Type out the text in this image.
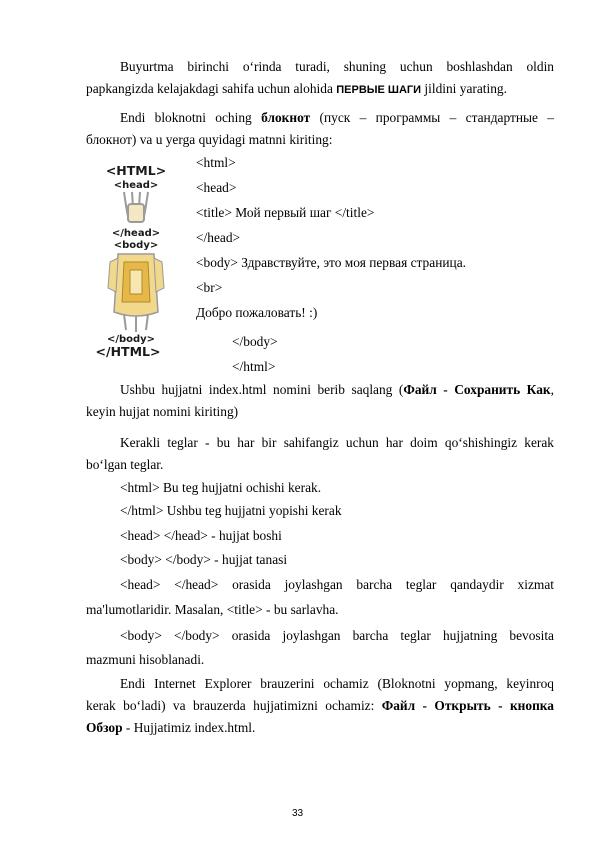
Buyurtma birinchi o‘rinda turadi, shuning uchun boshlashdan oldin

papkangizda kelajakdagi sahifa uchun alohida ПЕРВЫЕ ШАГИ jildini yarating.

Endi bloknotni oching блокнот (пуск – программы – стандартные –

блокнот) va u yerga quyidagi matnni kiriting:

<HTML>
<head>
</head>
<body>
</body>
</HTML>
<html>
<head>
<title> Мой первый шаг </title>
</head>
<body> Здравствуйте, это моя первая страница.
<br>
Добро пожаловать! :)
</body>
</html>

Ushbu hujjatni index.html nomini berib saqlang (Файл - Сохранить Как,

keyin hujjat nomini kiriting)

Kerakli teglar - bu har bir sahifangiz uchun har doim qo‘shishingiz kerak

bo‘lgan teglar.

<html> Bu teg hujjatni ochishi kerak.

</html> Ushbu teg hujjatni yopishi kerak

<head> </head> - hujjat boshi

<body> </body> - hujjat tanasi

<head> </head> orasida joylashgan barcha teglar qandaydir xizmat

ma'lumotlaridir. Masalan, <title> - bu sarlavha.

<body> </body> orasida joylashgan barcha teglar hujjatning bevosita

mazmuni hisoblanadi.

Endi Internet Explorer brauzerini ochamiz (Bloknotni yopmang, keyinroq

kerak bo‘ladi) va brauzerda hujjatimizni ochamiz: Файл - Открыть - кнопка

Обзор - Hujjatimiz index.html.

33
